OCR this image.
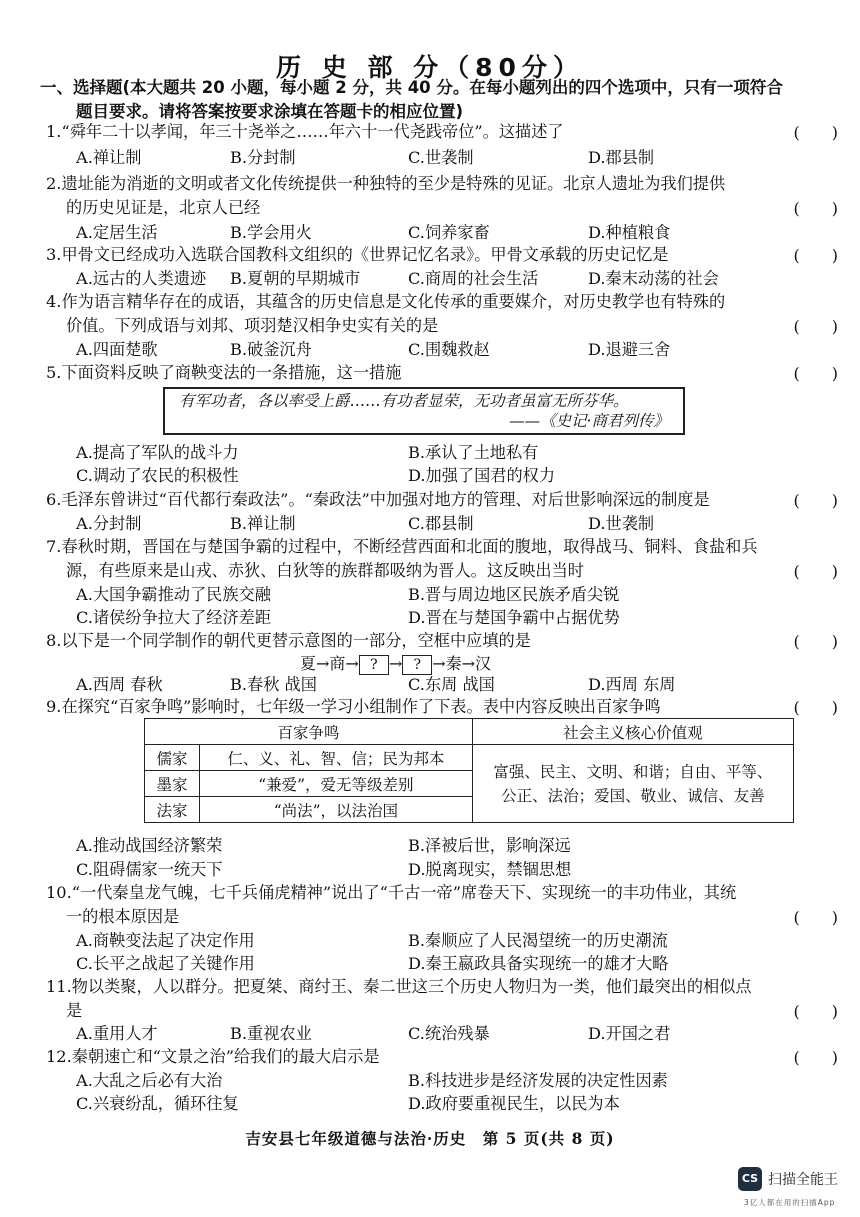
历 史 部 分（80分）
一、选择题(本大题共 20 小题，每小题 2 分，共 40 分。在每小题列出的四个选项中，只有一项符合
题目要求。请将答案按要求涂填在答题卡的相应位置)
1.“舜年二十以孝闻，年三十尧举之……年六十一代尧践帝位”。这描述了	(　　)
A.禅让制	B.分封制	C.世袭制	D.郡县制
2.遗址能为消逝的文明或者文化传统提供一种独特的至少是特殊的见证。北京人遗址为我们提供
的历史见证是，北京人已经	(　　)
A.定居生活	B.学会用火	C.饲养家畜	D.种植粮食
3.甲骨文已经成功入选联合国教科文组织的《世界记忆名录》。甲骨文承载的历史记忆是	(　　)
A.远古的人类遗迹 B.夏朝的早期城市	C.商周的社会生活	D.秦末动荡的社会
4.作为语言精华存在的成语，其蕴含的历史信息是文化传承的重要媒介，对历史教学也有特殊的
价值。下列成语与刘邦、项羽楚汉相争史实有关的是	(　　)
A.四面楚歌	B.破釜沉舟	C.围魏救赵	D.退避三舍
5.下面资料反映了商鞅变法的一条措施，这一措施	(　　)
有军功者，各以率受上爵……有功者显荣，无功者虽富无所芬华。
——《史记·商君列传》
A.提高了军队的战斗力	B.承认了土地私有
C.调动了农民的积极性	D.加强了国君的权力
6.毛泽东曾讲过“百代都行秦政法”。“秦政法”中加强对地方的管理、对后世影响深远的制度是	(　　)
A.分封制	B.禅让制	C.郡县制	D.世袭制
7.春秋时期，晋国在与楚国争霸的过程中，不断经营西面和北面的腹地，取得战马、铜料、食盐和兵
源，有些原来是山戎、赤狄、白狄等的族群都吸纳为晋人。这反映出当时	(　　)
A.大国争霸推动了民族交融	B.晋与周边地区民族矛盾尖锐
C.诸侯纷争拉大了经济差距	D.晋在与楚国争霸中占据优势
8.以下是一个同学制作的朝代更替示意图的一部分，空框中应填的是	(　　)
夏→商→ ? → ? →秦→汉
A.西周 春秋	B.春秋 战国	C.东周 战国	D.西周 东周
9.在探究“百家争鸣”影响时，七年级一学习小组制作了下表。表中内容反映出百家争鸣	(　　)
百家争鸣		社会主义核心价值观
儒家	仁、义、礼、智、信；民为邦本	富强、民主、文明、和谐；自由、平等、
公正、法治；爱国、敬业、诚信、友善

墨家	“兼爱”，爱无等级差别	
法家	“尚法”，以法治国	
A.推动战国经济繁荣	B.泽被后世，影响深远
C.阻碍儒家一统天下	D.脱离现实，禁锢思想
10.“一代秦皇龙气魄，七千兵俑虎精神”说出了“千古一帝”席卷天下、实现统一的丰功伟业，其统
一的根本原因是	(　　)
A.商鞅变法起了决定作用	B.秦顺应了人民渴望统一的历史潮流
C.长平之战起了关键作用	D.秦王嬴政具备实现统一的雄才大略
11.物以类聚，人以群分。把夏桀、商纣王、秦二世这三个历史人物归为一类，他们最突出的相似点
是	(　　)
A.重用人才	B.重视农业	C.统治残暴	D.开国之君
12.秦朝速亡和“文景之治”给我们的最大启示是	(　　)
A.大乱之后必有大治	B.科技进步是经济发展的决定性因素
C.兴衰纷乱，循环往复	D.政府要重视民生，以民为本
吉安县七年级道德与法治·历史　第 5 页(共 8 页)
CS 扫描全能王
3亿人都在用的扫描App
